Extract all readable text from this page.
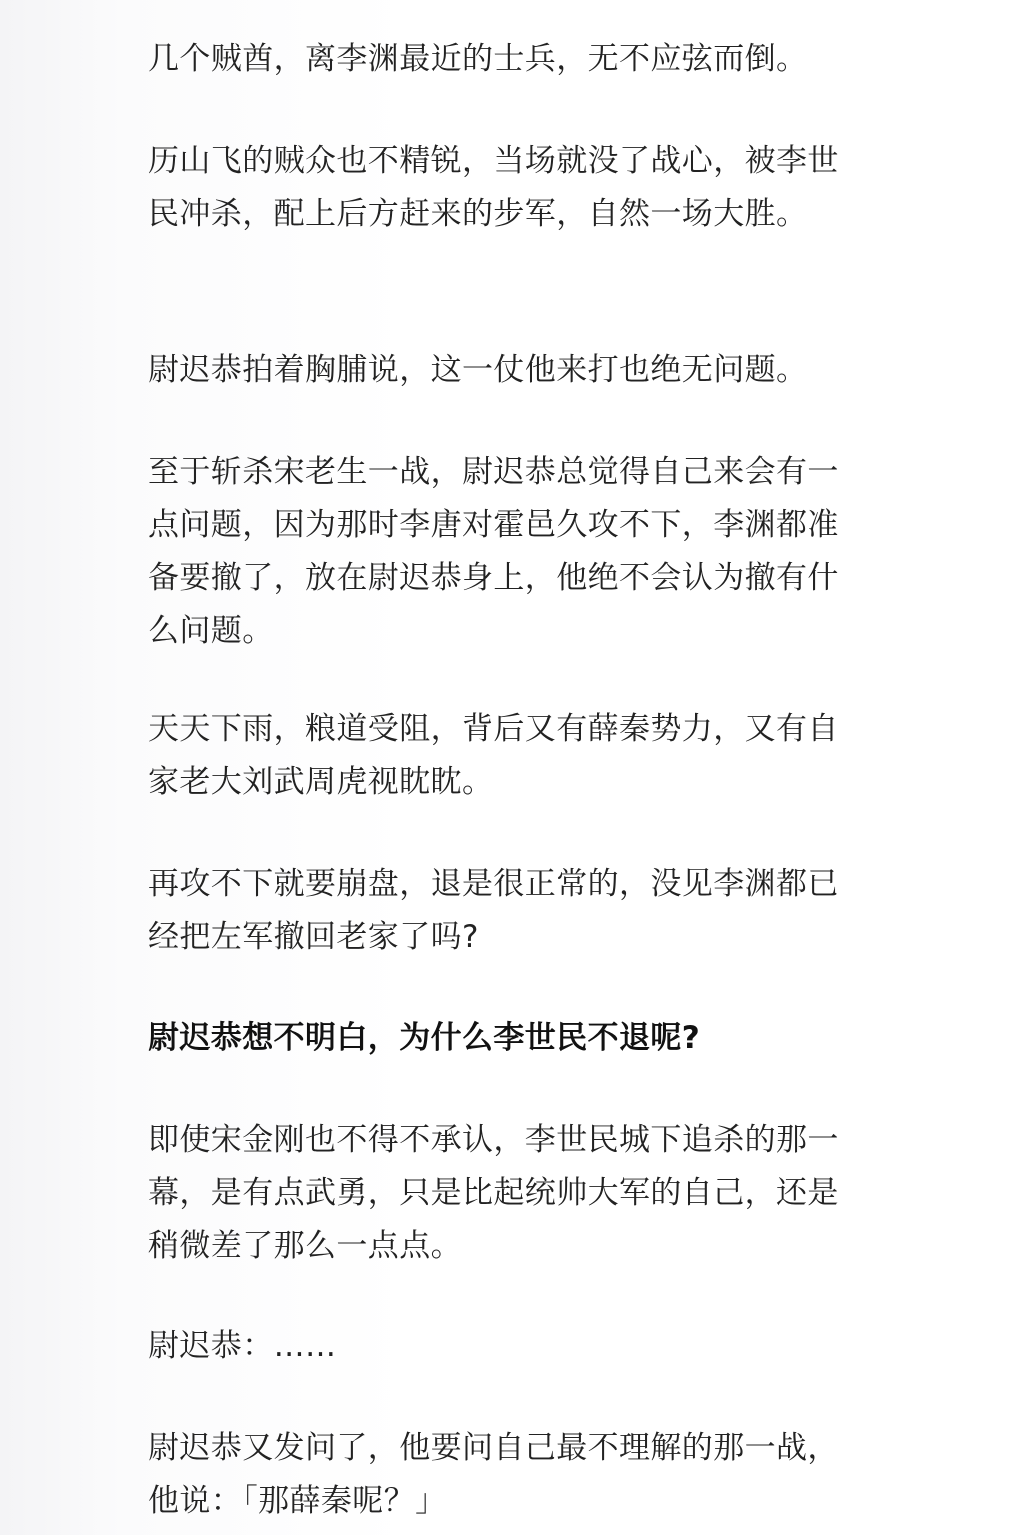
几个贼酋，离李渊最近的士兵，无不应弦而倒。

历山飞的贼众也不精锐，当场就没了战心，被李世民冲杀，配上后方赶来的步军，自然一场大胜。

尉迟恭拍着胸脯说，这一仗他来打也绝无问题。

至于斩杀宋老生一战，尉迟恭总觉得自己来会有一点问题，因为那时李唐对霍邑久攻不下，李渊都准备要撤了，放在尉迟恭身上，他绝不会认为撤有什么问题。

天天下雨，粮道受阻，背后又有薛秦势力，又有自家老大刘武周虎视眈眈。

再攻不下就要崩盘，退是很正常的，没见李渊都已经把左军撤回老家了吗?

尉迟恭想不明白，为什么李世民不退呢?

即使宋金刚也不得不承认，李世民城下追杀的那一幕，是有点武勇，只是比起统帅大军的自己，还是稍微差了那么一点点。

尉迟恭：……

尉迟恭又发问了，他要问自己最不理解的那一战，他说：「那薛秦呢？」
